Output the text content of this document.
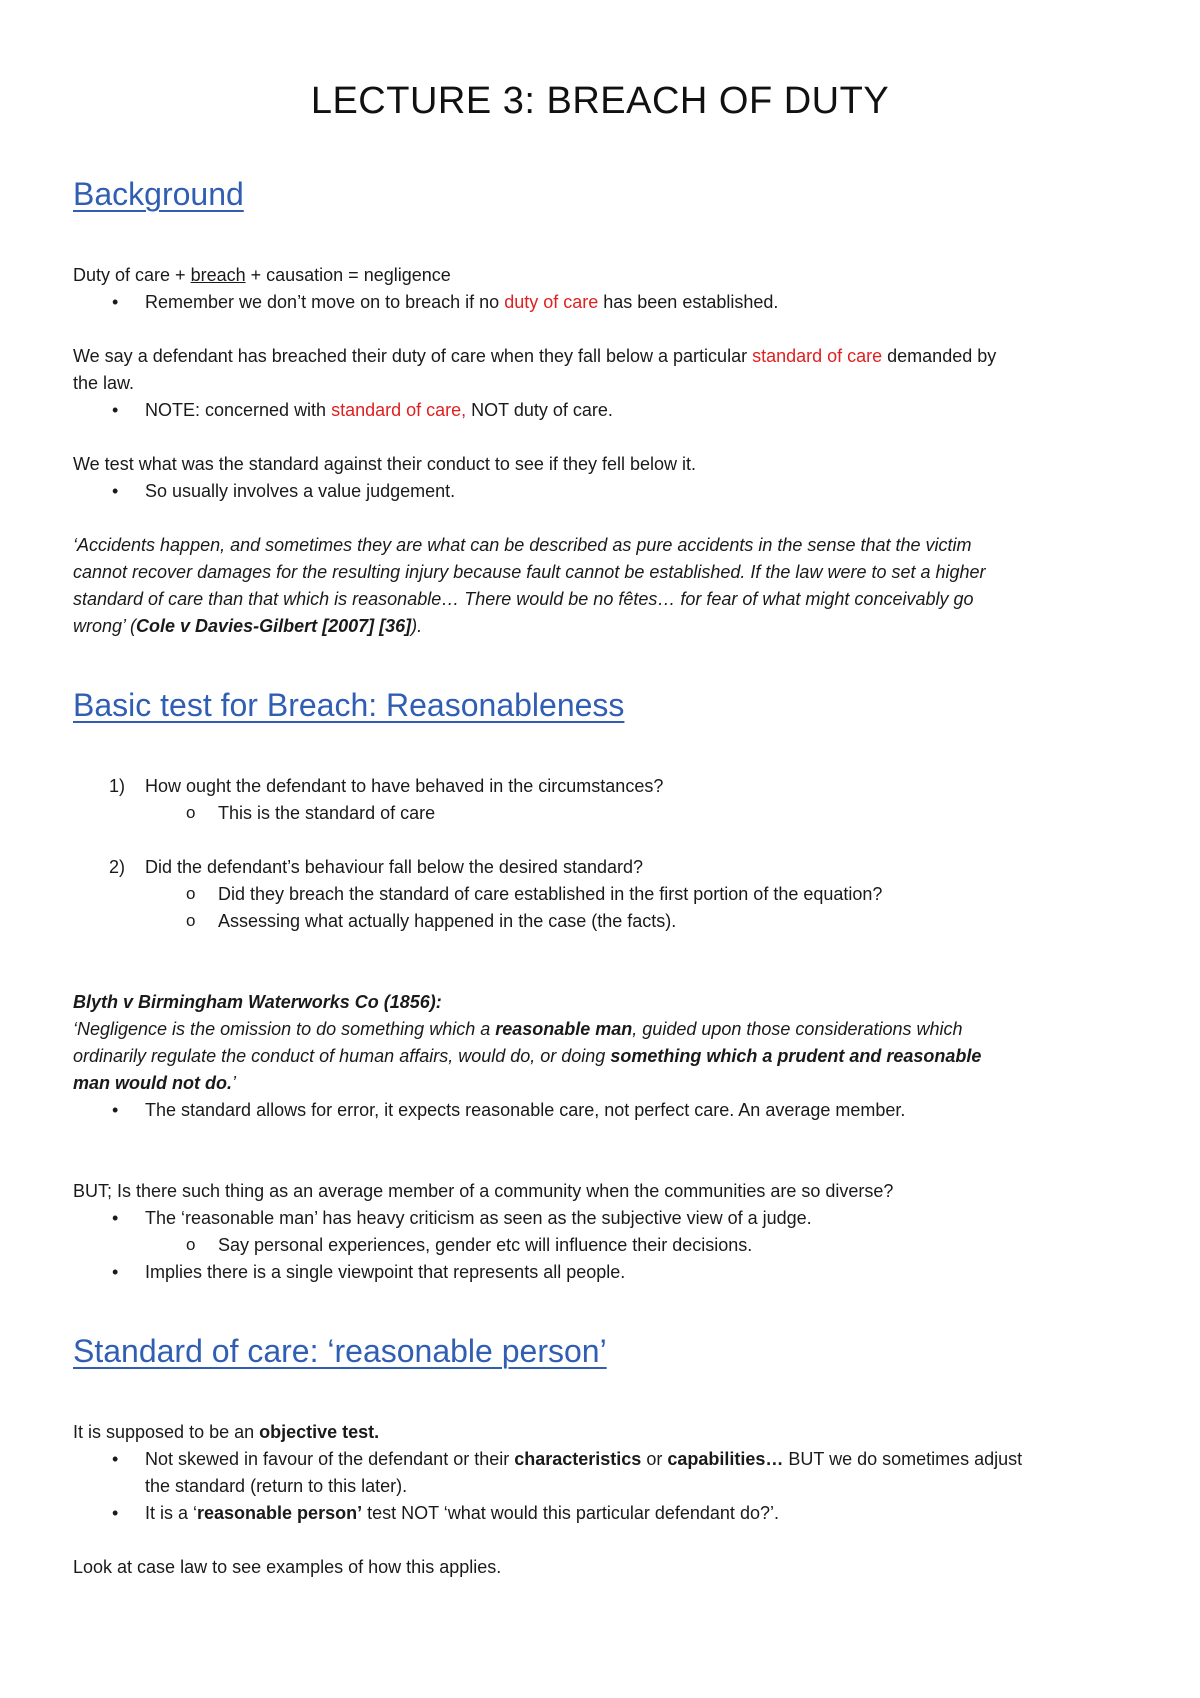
LECTURE 3: BREACH OF DUTY
Background
Duty of care + breach + causation = negligence
• Remember we don’t move on to breach if no duty of care has been established.
We say a defendant has breached their duty of care when they fall below a particular standard of care demanded by
the law.
• NOTE: concerned with standard of care, NOT duty of care.
We test what was the standard against their conduct to see if they fell below it.
• So usually involves a value judgement.
‘Accidents happen, and sometimes they are what can be described as pure accidents in the sense that the victim
cannot recover damages for the resulting injury because fault cannot be established. If the law were to set a higher
standard of care than that which is reasonable… There would be no fêtes… for fear of what might conceivably go
wrong’ (Cole v Davies-Gilbert [2007] [36]).
Basic test for Breach: Reasonableness
1) How ought the defendant to have behaved in the circumstances?
o This is the standard of care
2) Did the defendant’s behaviour fall below the desired standard?
o Did they breach the standard of care established in the first portion of the equation?
o Assessing what actually happened in the case (the facts).
Blyth v Birmingham Waterworks Co (1856):
‘Negligence is the omission to do something which a reasonable man, guided upon those considerations which
ordinarily regulate the conduct of human affairs, would do, or doing something which a prudent and reasonable
man would not do.’
• The standard allows for error, it expects reasonable care, not perfect care. An average member.
BUT; Is there such thing as an average member of a community when the communities are so diverse?
• The ‘reasonable man’ has heavy criticism as seen as the subjective view of a judge.
o Say personal experiences, gender etc will influence their decisions.
• Implies there is a single viewpoint that represents all people.
Standard of care: ‘reasonable person’
It is supposed to be an objective test.
• Not skewed in favour of the defendant or their characteristics or capabilities… BUT we do sometimes adjust
the standard (return to this later).
• It is a ‘reasonable person’ test NOT ‘what would this particular defendant do?’.
Look at case law to see examples of how this applies.
